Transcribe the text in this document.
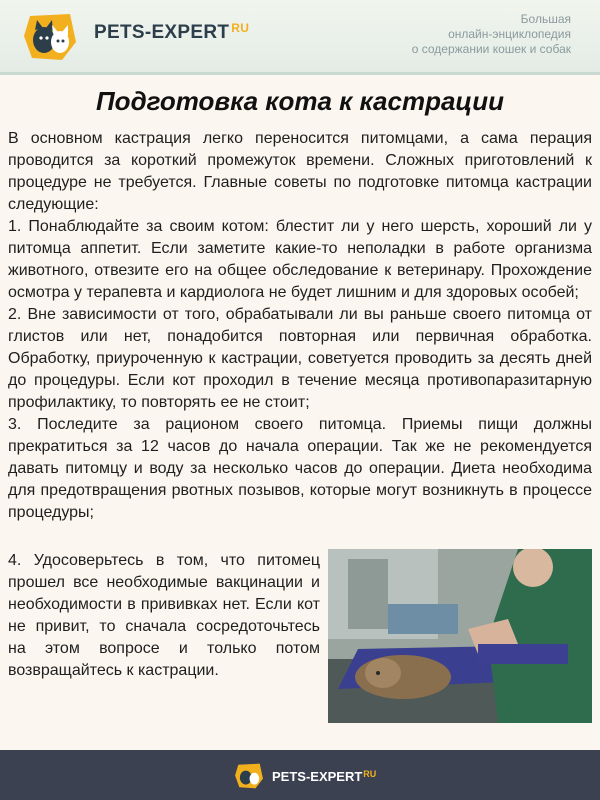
PETS-EXPERT $^{RU}$
Большая
онлайн-энциклопедия
о содержании кошек и собак
Подготовка кота к кастрации

В основном кастрация легко переносится питомцами, а сама перация проводится за короткий промежуток времени. Сложных приготовлений к процедуре не требуется. Главные советы по подготовке питомца кастрации следующие:

1. Понаблюдайте за своим котом: блестит ли у него шерсть, хороший ли у питомца аппетит. Если заметите какие-то неполадки в работе организма животного, отвезите его на общее обследование к ветеринару. Прохождение осмотра у терапевта и кардиолога не будет лишним и для здоровых особей;

2. Вне зависимости от того, обрабатывали ли вы раньше своего питомца от глистов или нет, понадобится повторная или первичная обработка. Обработку, приуроченную к кастрации, советуется проводить за десять дней до процедуры. Если кот проходил в течение месяца противопаразитарную профилактику, то повторять ее не стоит;

3. Последите за рационом своего питомца. Приемы пищи должны прекратиться за 12 часов до начала операции. Так же не рекомендуется давать питомцу и воду за несколько часов до операции. Диета необходима для предотвращения рвотных позывов, которые могут возникнуть в процессе процедуры;

4. Удосоверьтесь в том, что питомец прошел все необходимые вакцинации и необходимости в прививках нет. Если кот не привит, то сначала сосредоточьтесь на этом вопросе и только потом возвращайтесь к кастрации.

PETS-$EXPERT^{RU}$
